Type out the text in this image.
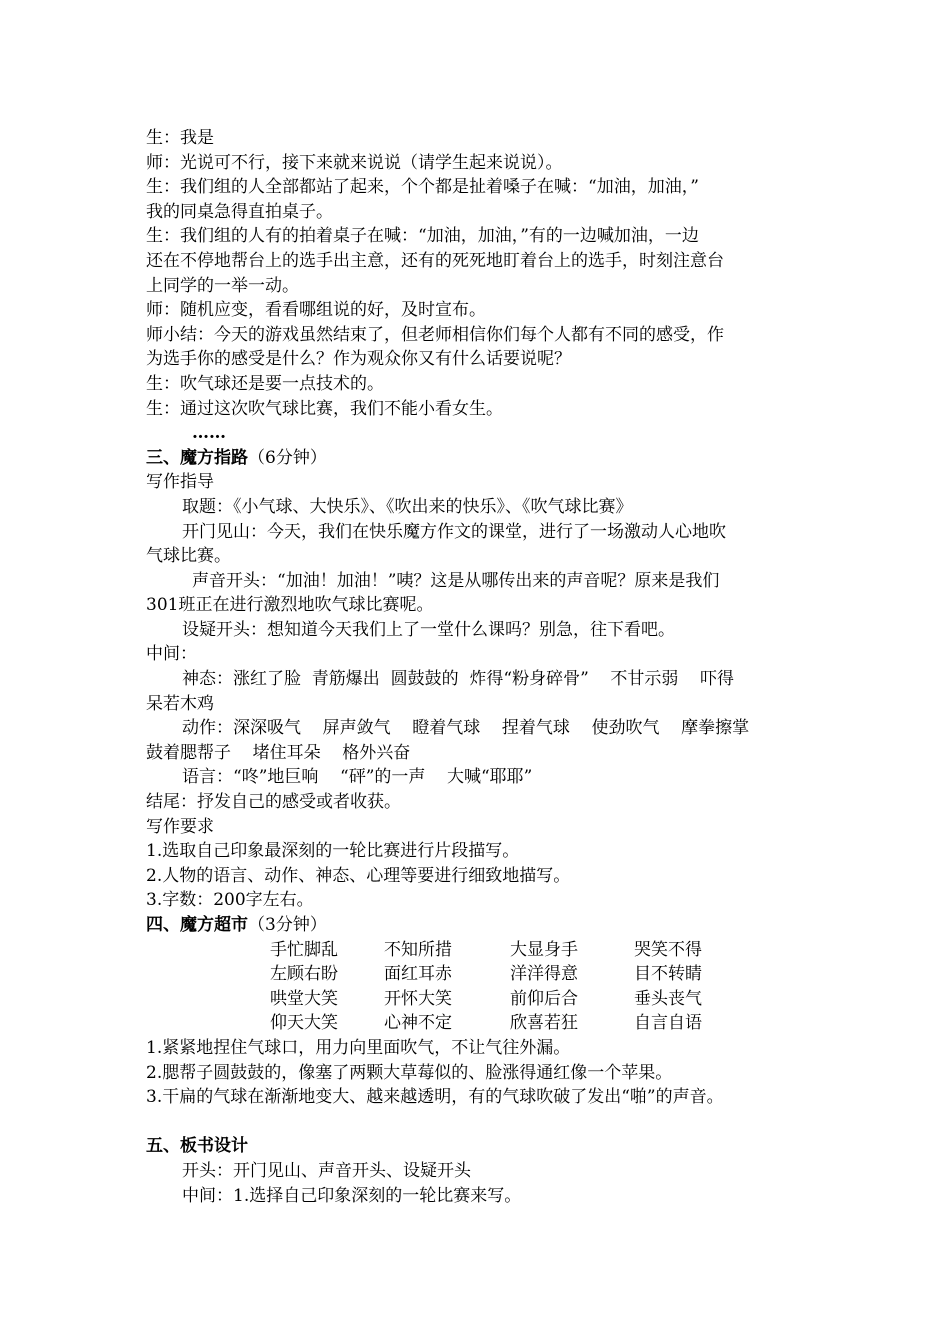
生：我是
师：光说可不行，接下来就来说说（请学生起来说说）。
生：我们组的人全部都站了起来，个个都是扯着嗓子在喊：“加油，加油，”
我的同桌急得直拍桌子。
生：我们组的人有的拍着桌子在喊：“加油，加油，”有的一边喊加油，一边
还在不停地帮台上的选手出主意，还有的死死地盯着台上的选手，时刻注意台
上同学的一举一动。
师：随机应变，看看哪组说的好，及时宣布。
师小结：今天的游戏虽然结束了，但老师相信你们每个人都有不同的感受，作
为选手你的感受是什么？作为观众你又有什么话要说呢？
生：吹气球还是要一点技术的。
生：通过这次吹气球比赛，我们不能小看女生。
……
三、魔方指路（6分钟）
写作指导
取题：《小气球、大快乐》、《吹出来的快乐》、《吹气球比赛》
开门见山：今天，我们在快乐魔方作文的课堂，进行了一场激动人心地吹
气球比赛。
声音开头：“加油！加油！”咦？这是从哪传出来的声音呢？原来是我们
301班正在进行激烈地吹气球比赛呢。
设疑开头：想知道今天我们上了一堂什么课吗？别急，往下看吧。
中间：
神态：涨红了脸  青筋爆出  圆鼓鼓的  炸得“粉身碎骨”    不甘示弱    吓得
呆若木鸡
动作：深深吸气    屏声敛气    瞪着气球    捏着气球    使劲吹气    摩拳擦掌
鼓着腮帮子    堵住耳朵    格外兴奋
语言：“咚”地巨响    “砰”的一声    大喊“耶耶”
结尾：抒发自己的感受或者收获。
写作要求
1.选取自己印象最深刻的一轮比赛进行片段描写。
2.人物的语言、动作、神态、心理等要进行细致地描写。
3.字数：200字左右。
四、魔方超市（3分钟）
手忙脚乱	不知所措	大显身手	哭笑不得
左顾右盼	面红耳赤	洋洋得意	目不转睛
哄堂大笑	开怀大笑	前仰后合	垂头丧气
仰天大笑	心神不定	欣喜若狂	自言自语
1.紧紧地捏住气球口，用力向里面吹气，不让气往外漏。
2.腮帮子圆鼓鼓的，像塞了两颗大草莓似的、脸涨得通红像一个苹果。
3.干扁的气球在渐渐地变大、越来越透明，有的气球吹破了发出“啪”的声音。
五、板书设计
开头：开门见山、声音开头、设疑开头
中间：1.选择自己印象深刻的一轮比赛来写。
